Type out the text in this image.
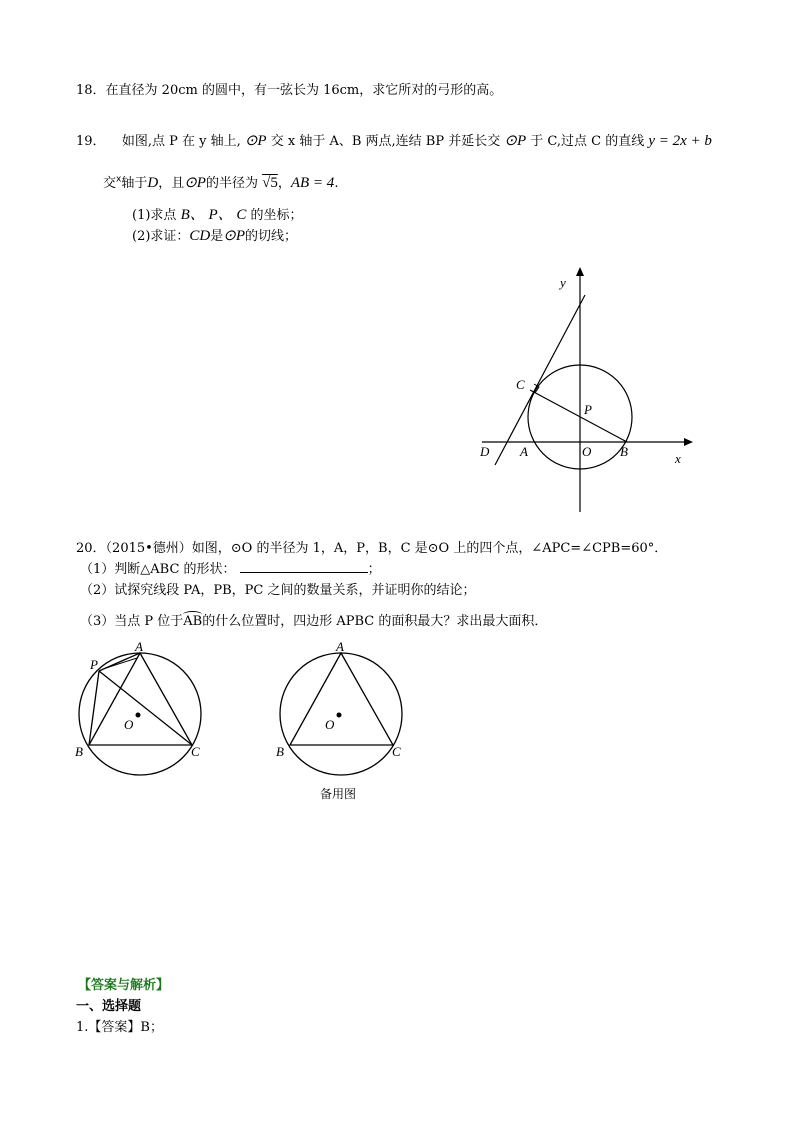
18．在直径为 20cm 的圆中，有一弦长为 16cm，求它所对的弓形的高。
19． 如图,点 P 在 y 轴上, ⊙P 交 x 轴于 A、B 两点,连结 BP 并延长交 ⊙P 于 C,过点 C 的直线 y = 2x + b
交$^x$轴于D，且⊙P的半径为 √5，AB = 4.
(1)求点 B、 P、 C 的坐标；
(2)求证：CD是⊙P的切线；
y
x
C
P
D A	O B
20．（2015•德州）如图，⊙O 的半径为 1，A，P，B，C 是⊙O 上的四个点，∠APC=∠CPB=60°．
（1）判断△ABC 的形状：	；
（2）试探究线段 PA，PB，PC 之间的数量关系，并证明你的结论；
（3）当点 P 位于AB的什么位置时，四边形 APBC 的面积最大？求出最大面积．
P
A
O
B	C
A
O
B	C
备用图
【答案与解析】
一、选择题
1.【答案】B；
